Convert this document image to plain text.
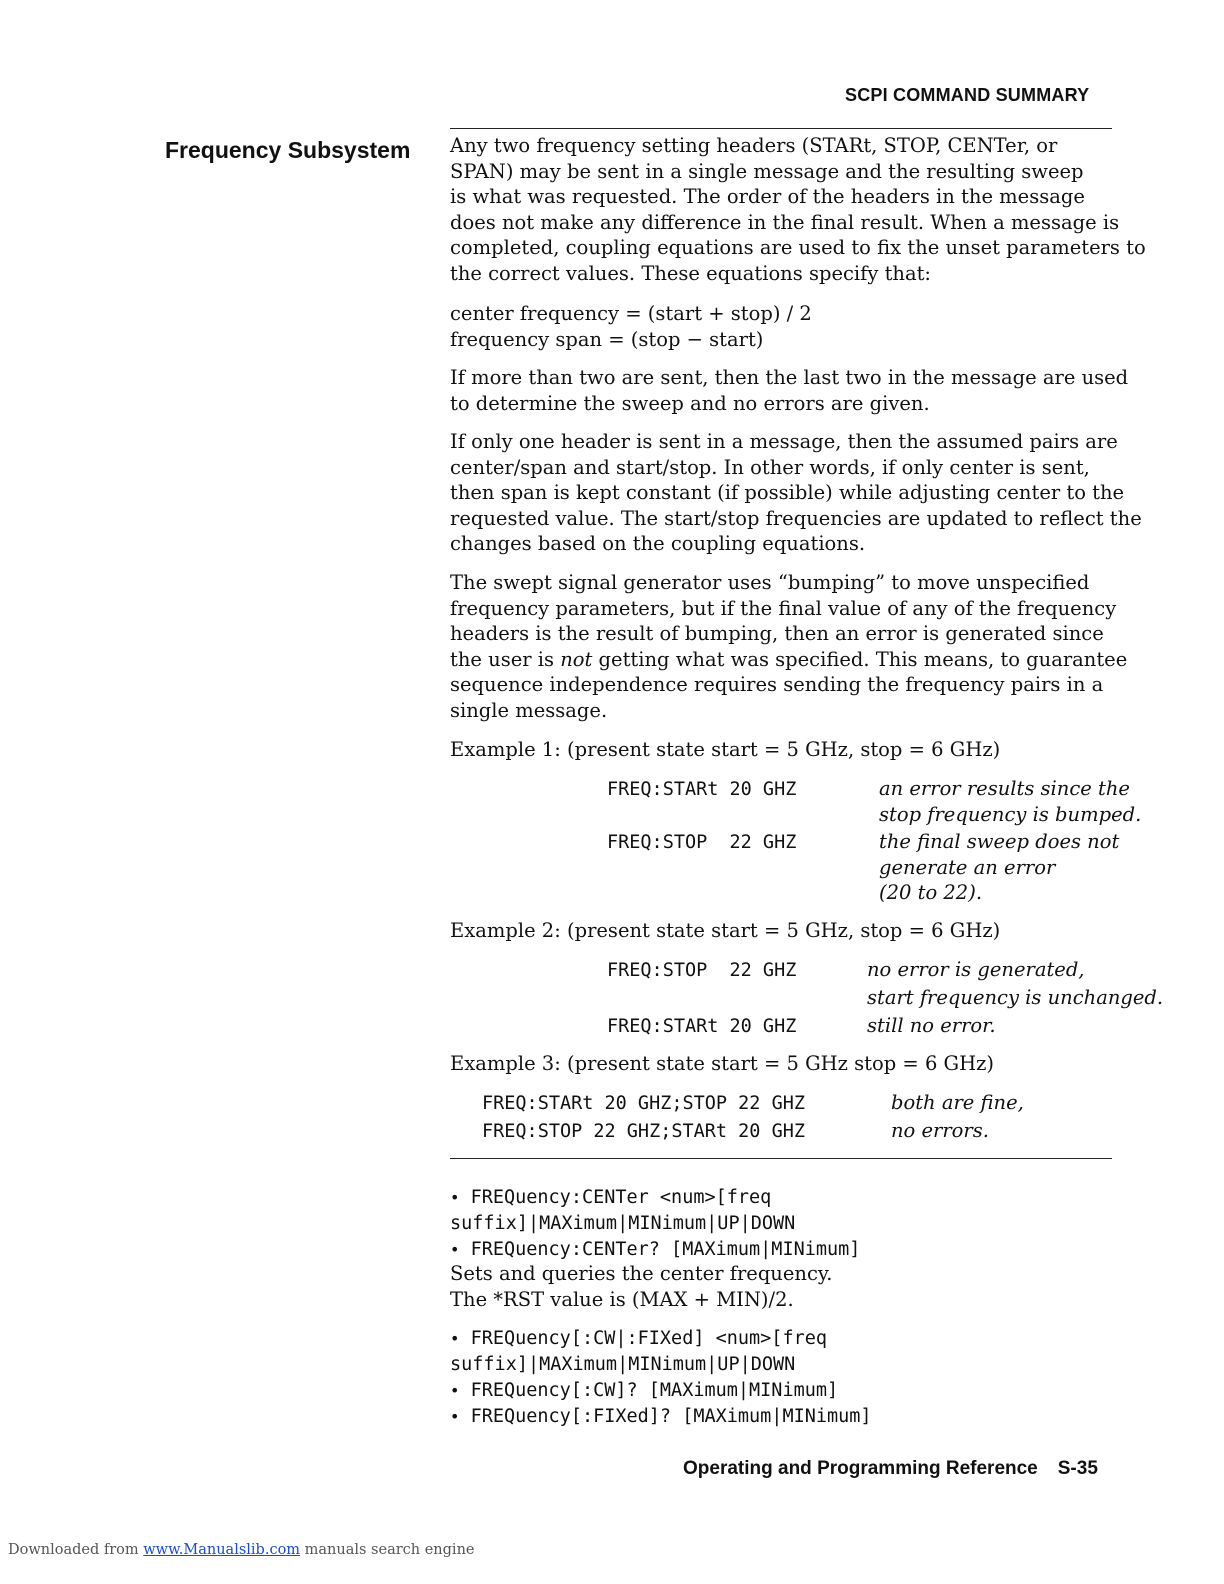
SCPI COMMAND SUMMARY
Frequency Subsystem Any two frequency setting headers (STARt, STOP, CENTer, or
SPAN) may be sent in a single message and the resulting sweep
is what was requested. The order of the headers in the message
does not make any difference in the final result. When a message is
completed, coupling equations are used to fix the unset parameters to
the correct values. These equations specify that:
center frequency = (start + stop) / 2
frequency span = (stop − start)
If more than two are sent, then the last two in the message are used
to determine the sweep and no errors are given.
If only one header is sent in a message, then the assumed pairs are
center/span and start/stop. In other words, if only center is sent,
then span is kept constant (if possible) while adjusting center to the
requested value. The start/stop frequencies are updated to reflect the
changes based on the coupling equations.
The swept signal generator uses “bumping” to move unspecified
frequency parameters, but if the final value of any of the frequency
headers is the result of bumping, then an error is generated since
the user is not getting what was specified. This means, to guarantee
sequence independence requires sending the frequency pairs in a
single message.
Example 1: (present state start = 5 GHz, stop = 6 GHz)
FREQ:STARt 20 GHZ	an error results since the
stop frequency is bumped.
FREQ:STOP  22 GHZ	the final sweep does not
generate an error
(20 to 22).
Example 2: (present state start = 5 GHz, stop = 6 GHz)
FREQ:STOP  22 GHZ	no error is generated,
start frequency is unchanged.
FREQ:STARt 20 GHZ	still no error.
Example 3: (present state start = 5 GHz stop = 6 GHz)
FREQ:STARt 20 GHZ;STOP 22 GHZ	both are fine,
FREQ:STOP 22 GHZ;STARt 20 GHZ	no errors.
• FREQuency:CENTer <num>[freq
suffix]|MAXimum|MINimum|UP|DOWN
• FREQuency:CENTer? [MAXimum|MINimum]
Sets and queries the center frequency.
The *RST value is (MAX + MIN)/2.
• FREQuency[:CW|:FIXed] <num>[freq
suffix]|MAXimum|MINimum|UP|DOWN
• FREQuency[:CW]? [MAXimum|MINimum]
• FREQuency[:FIXed]? [MAXimum|MINimum]
Operating and Programming Reference S-35
Downloaded from www.Manualslib.com manuals search engine
